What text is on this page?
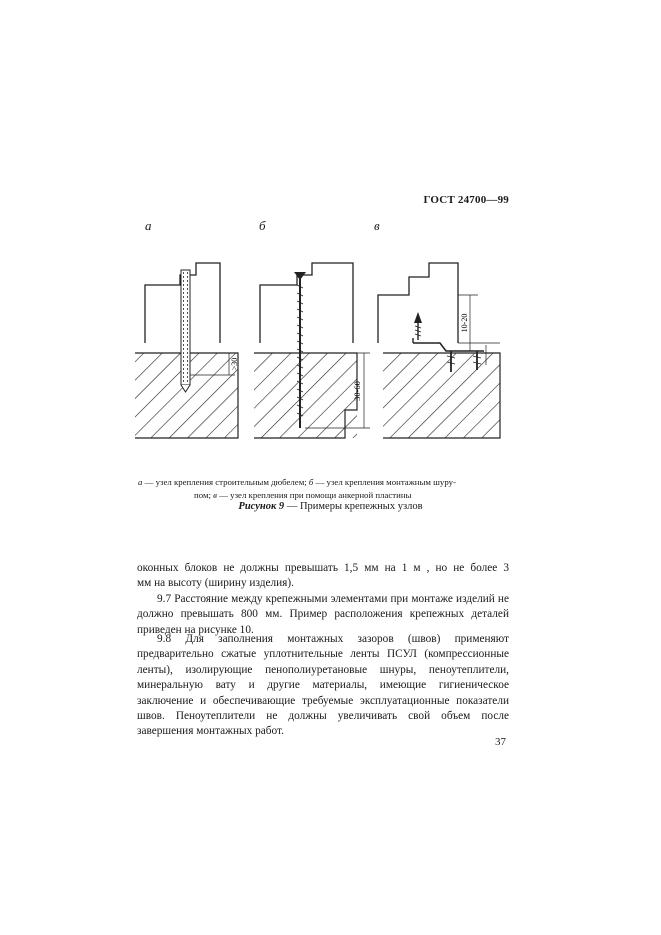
ГОСТ 24700—99
а	б	в
>30
30-60
10-20
а — узел крепления строительным дюбелем; б — узел крепления монтажным шуру-
пом; в — узел крепления при помощи анкерной пластины
Рисунок 9 — Примеры крепежных узлов

оконных блоков не должны превышать 1,5 мм на 1 м , но не более 3

мм на высоту (ширину изделия).

9.7 Расстояние между крепежными элементами при монтаже изделий не должно превышать 800 мм. Пример расположения крепежных деталей приведен на рисунке 10.

9.8 Для заполнения монтажных зазоров (швов) применяют предварительно сжатые уплотнительные ленты ПСУЛ (компрессионные ленты), изолирующие пенополиуретановые шнуры, пеноутеплители, минеральную вату и другие материалы, имеющие гигиеническое заключение и обеспечивающие требуемые эксплуатационные показатели швов. Пеноутеплители не должны увеличивать свой объем после завершения монтажных работ.

37
